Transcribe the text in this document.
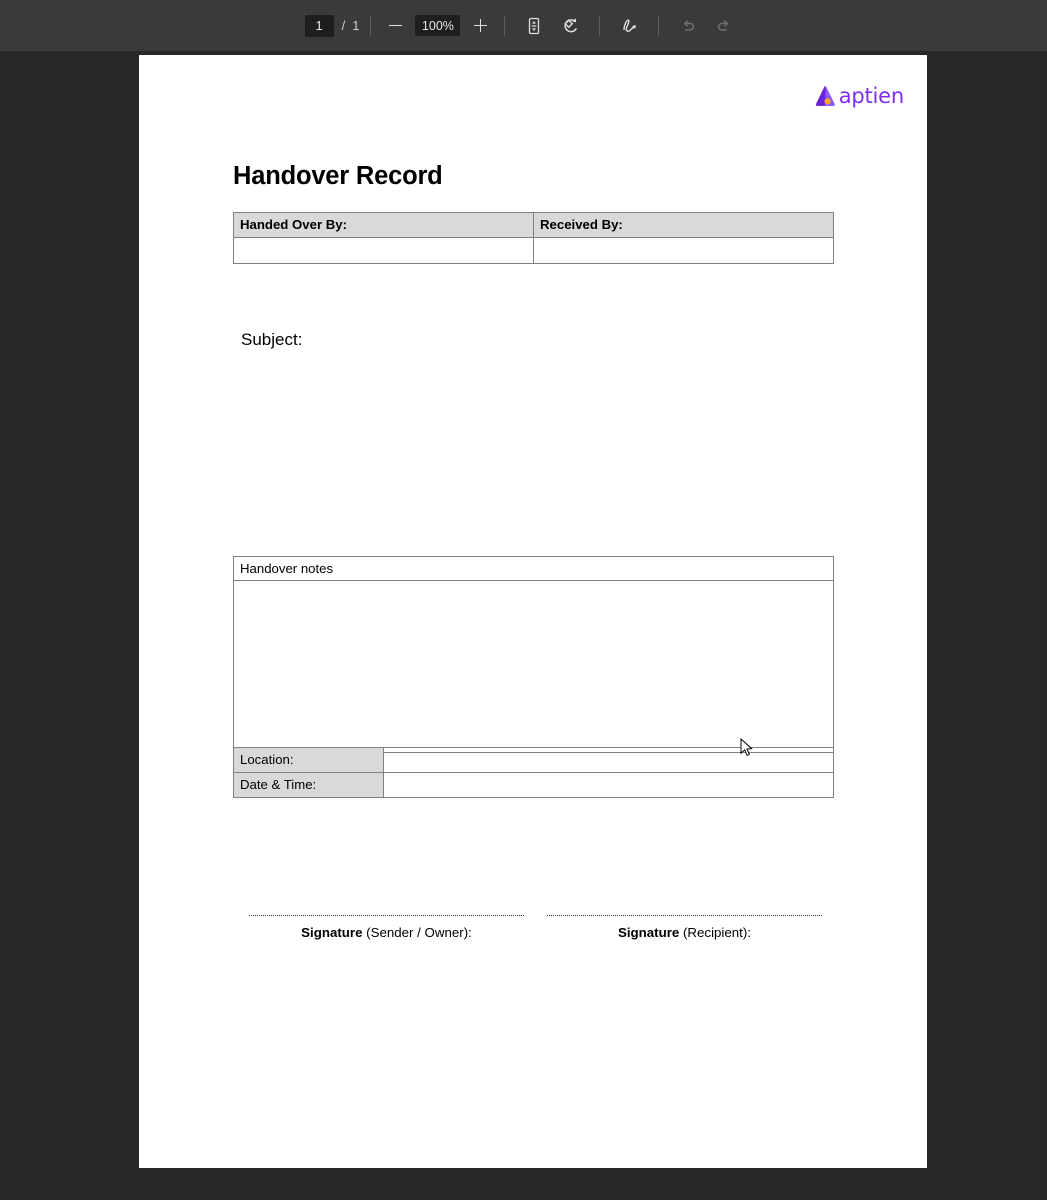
1
/ 1	100%
aptien
Handover Record
Handed Over By:	Received By:

Subject:
Handover notes

Location:	

Date & Time:	

Signature (Sender / Owner):	Signature (Recipient):
